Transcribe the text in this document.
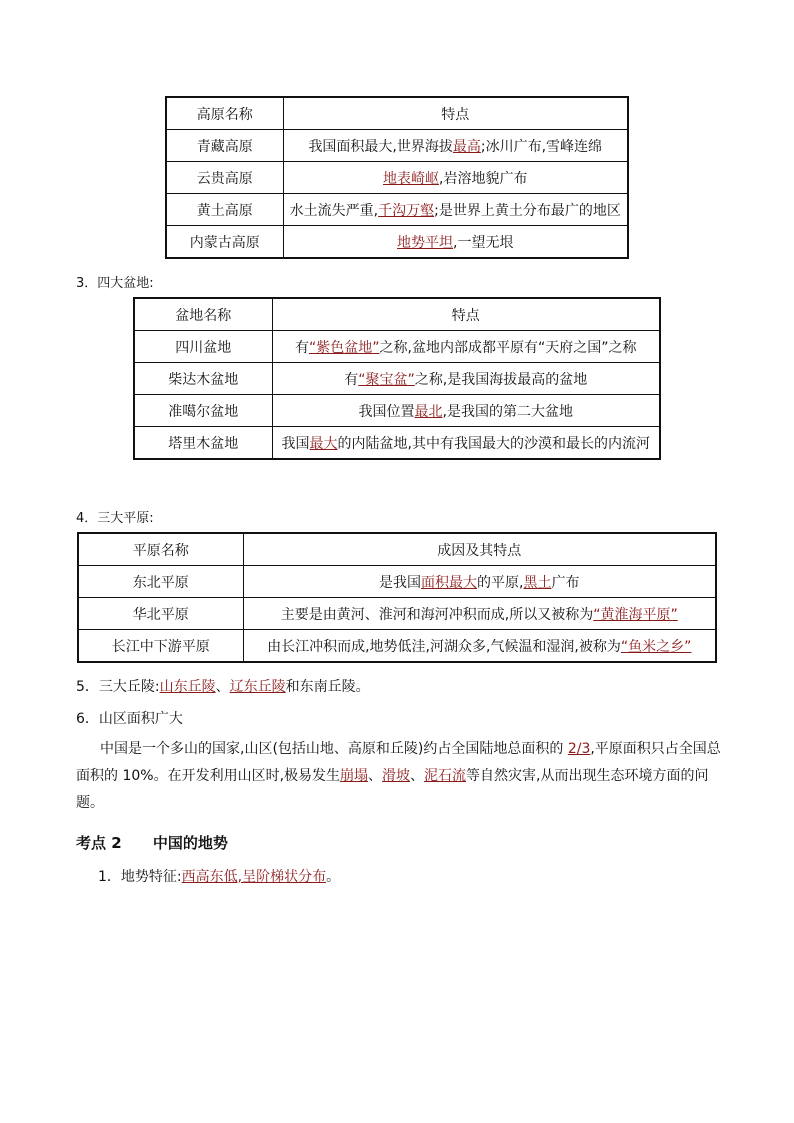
高原名称	特点
青藏高原	我国面积最大,世界海拔最高;冰川广布,雪峰连绵
云贵高原	地表崎岖,岩溶地貌广布
黄土高原	水土流失严重,千沟万壑;是世界上黄土分布最广的地区
内蒙古高原	地势平坦,一望无垠
3．四大盆地:
盆地名称	特点
四川盆地	有“紫色盆地”之称,盆地内部成都平原有“天府之国”之称
柴达木盆地	有“聚宝盆”之称,是我国海拔最高的盆地
准噶尔盆地	我国位置最北,是我国的第二大盆地
塔里木盆地	我国最大的内陆盆地,其中有我国最大的沙漠和最长的内流河
4．三大平原:
平原名称	成因及其特点
东北平原	是我国面积最大的平原,黑土广布
华北平原	主要是由黄河、淮河和海河冲积而成,所以又被称为“黄淮海平原”
长江中下游平原	由长江冲积而成,地势低洼,河湖众多,气候温和湿润,被称为“鱼米之乡”
5．三大丘陵:山东丘陵、辽东丘陵和东南丘陵。
6．山区面积广大
中国是一个多山的国家,山区(包括山地、高原和丘陵)约占全国陆地总面积的 2/3,平原面积只占全国总面积的 10%。在开发利用山区时,极易发生崩塌、滑坡、泥石流等自然灾害,从而出现生态环境方面的问题。
考点 2 中国的地势
1．地势特征:西高东低,呈阶梯状分布。
